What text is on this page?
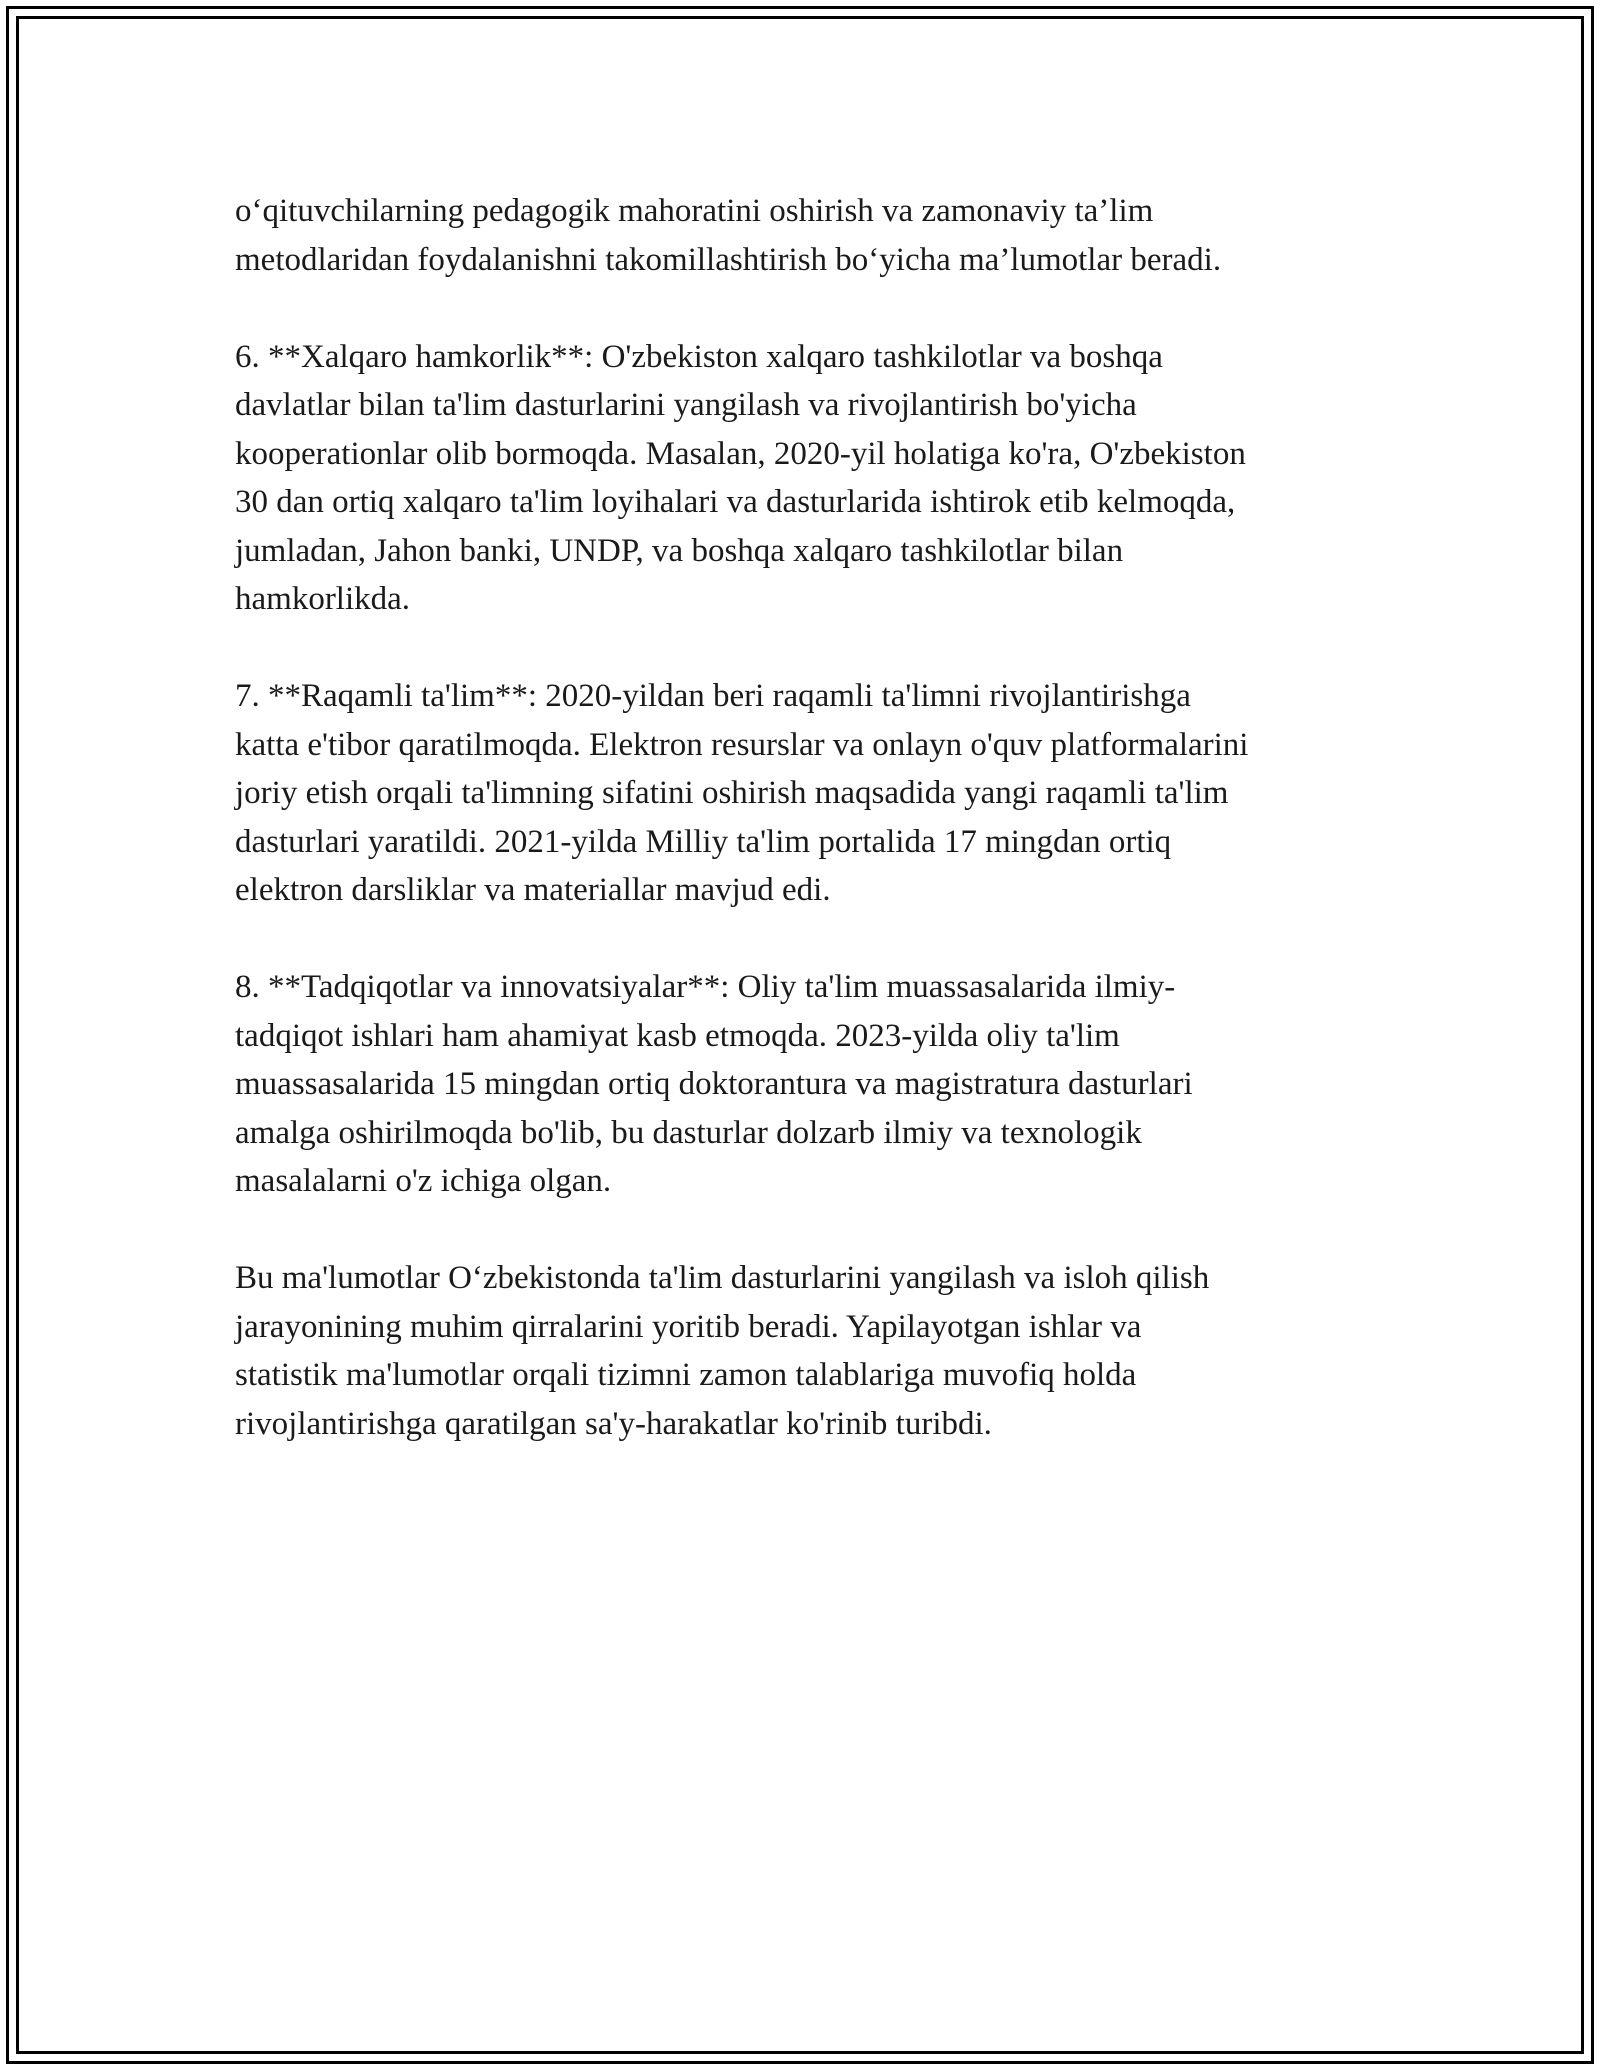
o‘qituvchilarning pedagogik mahoratini oshirish va zamonaviy ta’lim
metodlaridan foydalanishni takomillashtirish bo‘yicha ma’lumotlar beradi.

6. **Xalqaro hamkorlik**: O'zbekiston xalqaro tashkilotlar va boshqa
davlatlar bilan ta'lim dasturlarini yangilash va rivojlantirish bo'yicha
kooperationlar olib bormoqda. Masalan, 2020-yil holatiga ko'ra, O'zbekiston
30 dan ortiq xalqaro ta'lim loyihalari va dasturlarida ishtirok etib kelmoqda,
jumladan, Jahon banki, UNDP, va boshqa xalqaro tashkilotlar bilan
hamkorlikda.

7. **Raqamli ta'lim**: 2020-yildan beri raqamli ta'limni rivojlantirishga
katta e'tibor qaratilmoqda. Elektron resurslar va onlayn o'quv platformalarini
joriy etish orqali ta'limning sifatini oshirish maqsadida yangi raqamli ta'lim
dasturlari yaratildi. 2021-yilda Milliy ta'lim portalida 17 mingdan ortiq
elektron darsliklar va materiallar mavjud edi.

8. **Tadqiqotlar va innovatsiyalar**: Oliy ta'lim muassasalarida ilmiy-
tadqiqot ishlari ham ahamiyat kasb etmoqda. 2023-yilda oliy ta'lim
muassasalarida 15 mingdan ortiq doktorantura va magistratura dasturlari
amalga oshirilmoqda bo'lib, bu dasturlar dolzarb ilmiy va texnologik
masalalarni o'z ichiga olgan.

Bu ma'lumotlar O‘zbekistonda ta'lim dasturlarini yangilash va isloh qilish
jarayonining muhim qirralarini yoritib beradi. Yapilayotgan ishlar va
statistik ma'lumotlar orqali tizimni zamon talablariga muvofiq holda
rivojlantirishga qaratilgan sa'y-harakatlar ko'rinib turibdi.
